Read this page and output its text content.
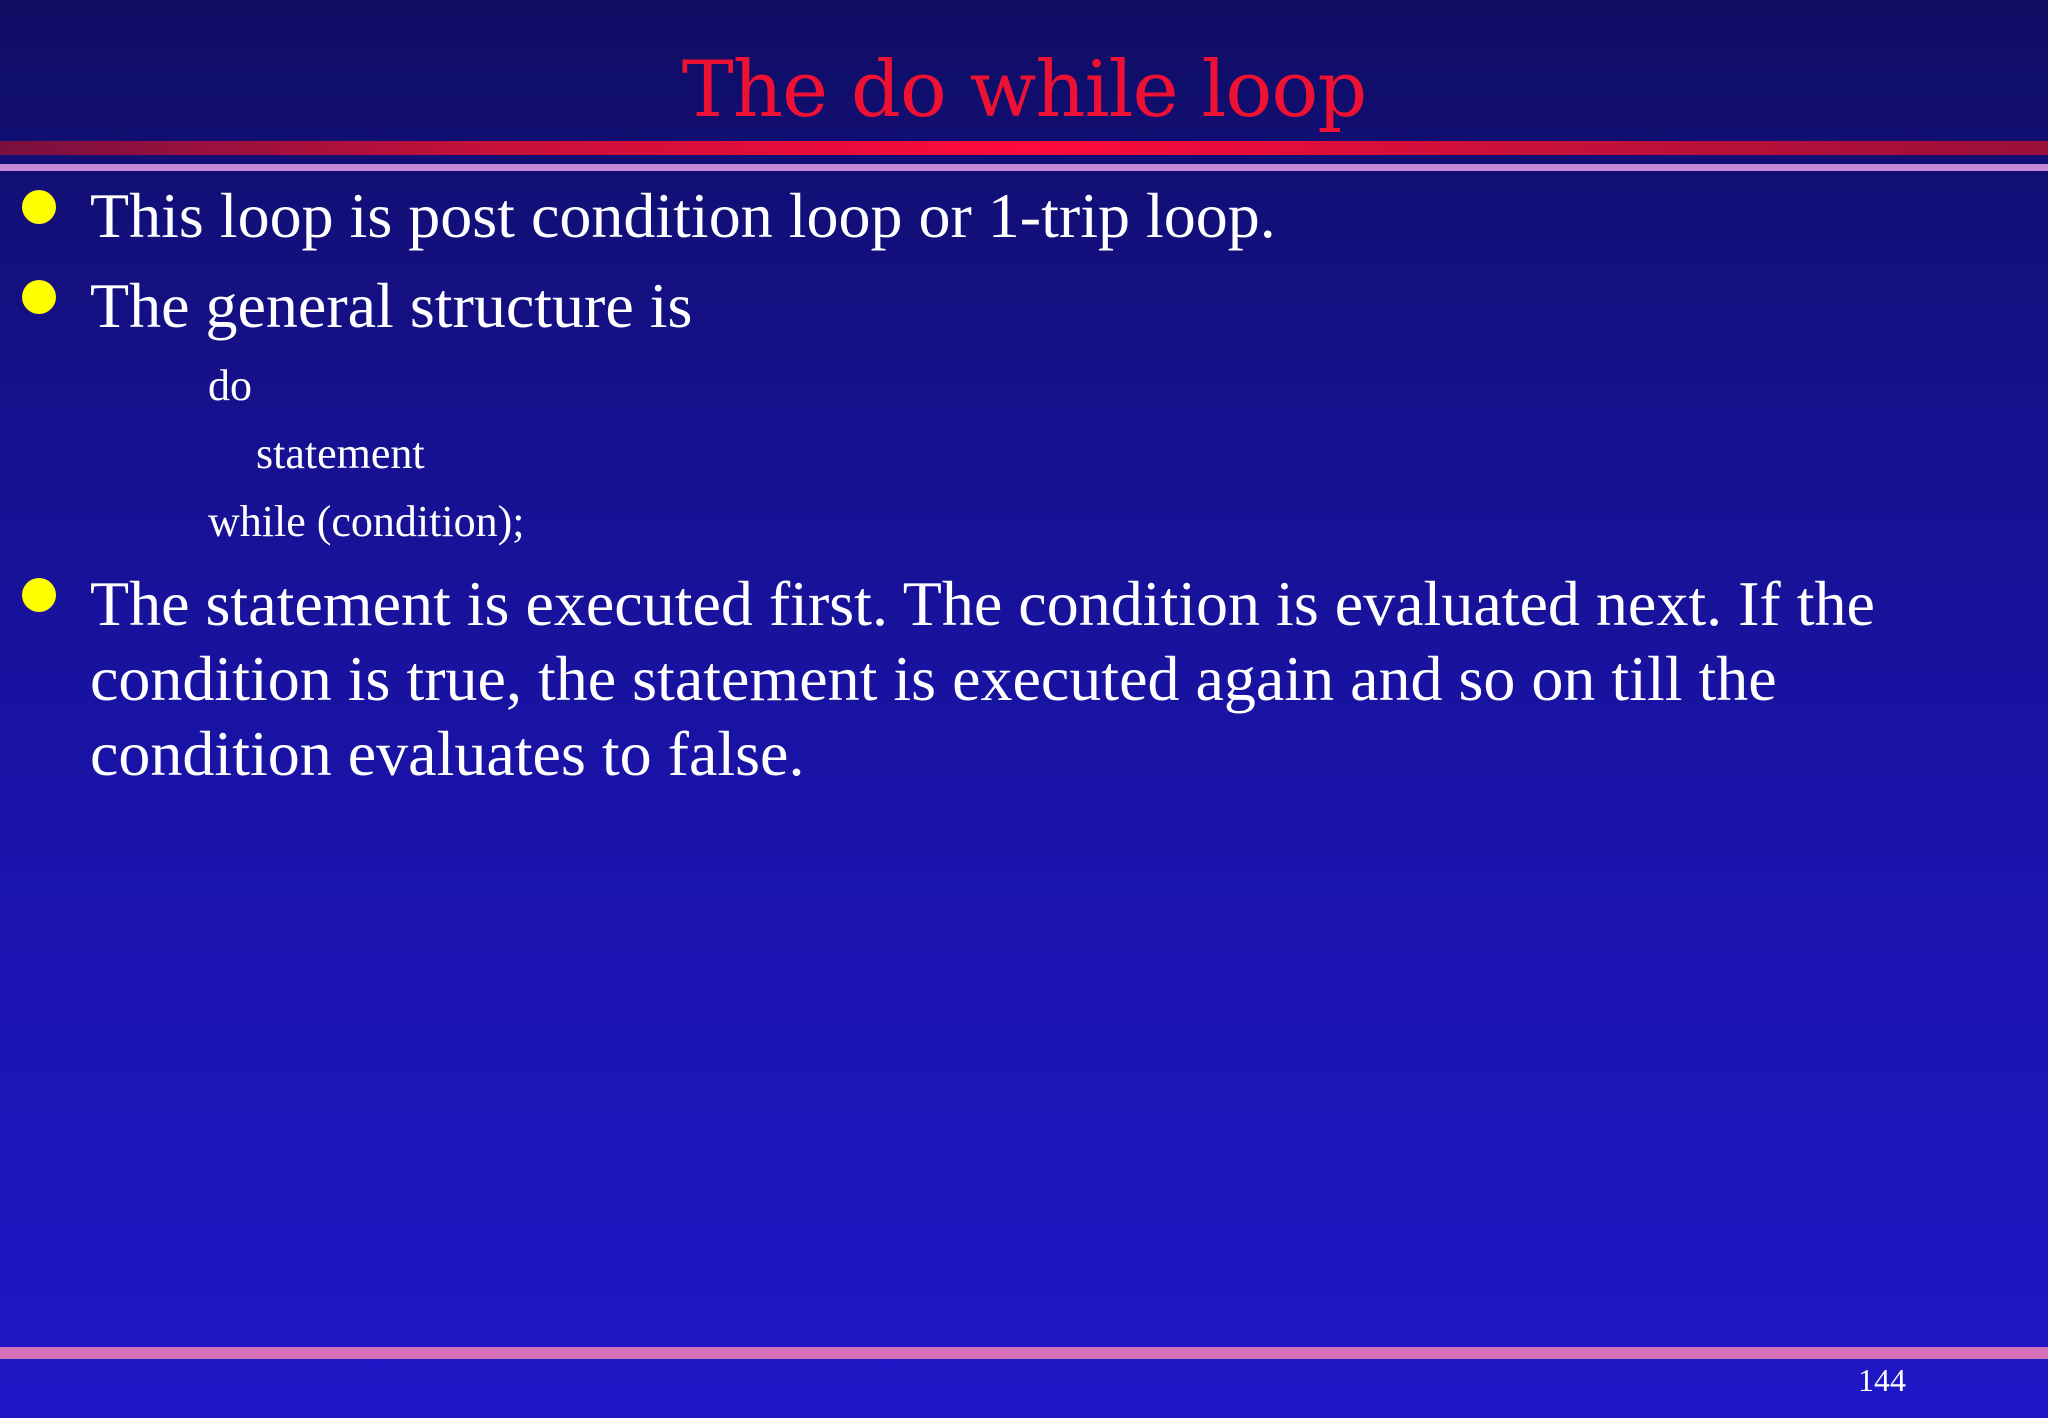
The do while loop
This loop is post condition loop or 1-trip loop.
The general structure is
do
statement
while (condition);
The statement is executed first. The condition is evaluated next. If the condition is true, the statement is executed again and so on till the condition evaluates to false.
144
